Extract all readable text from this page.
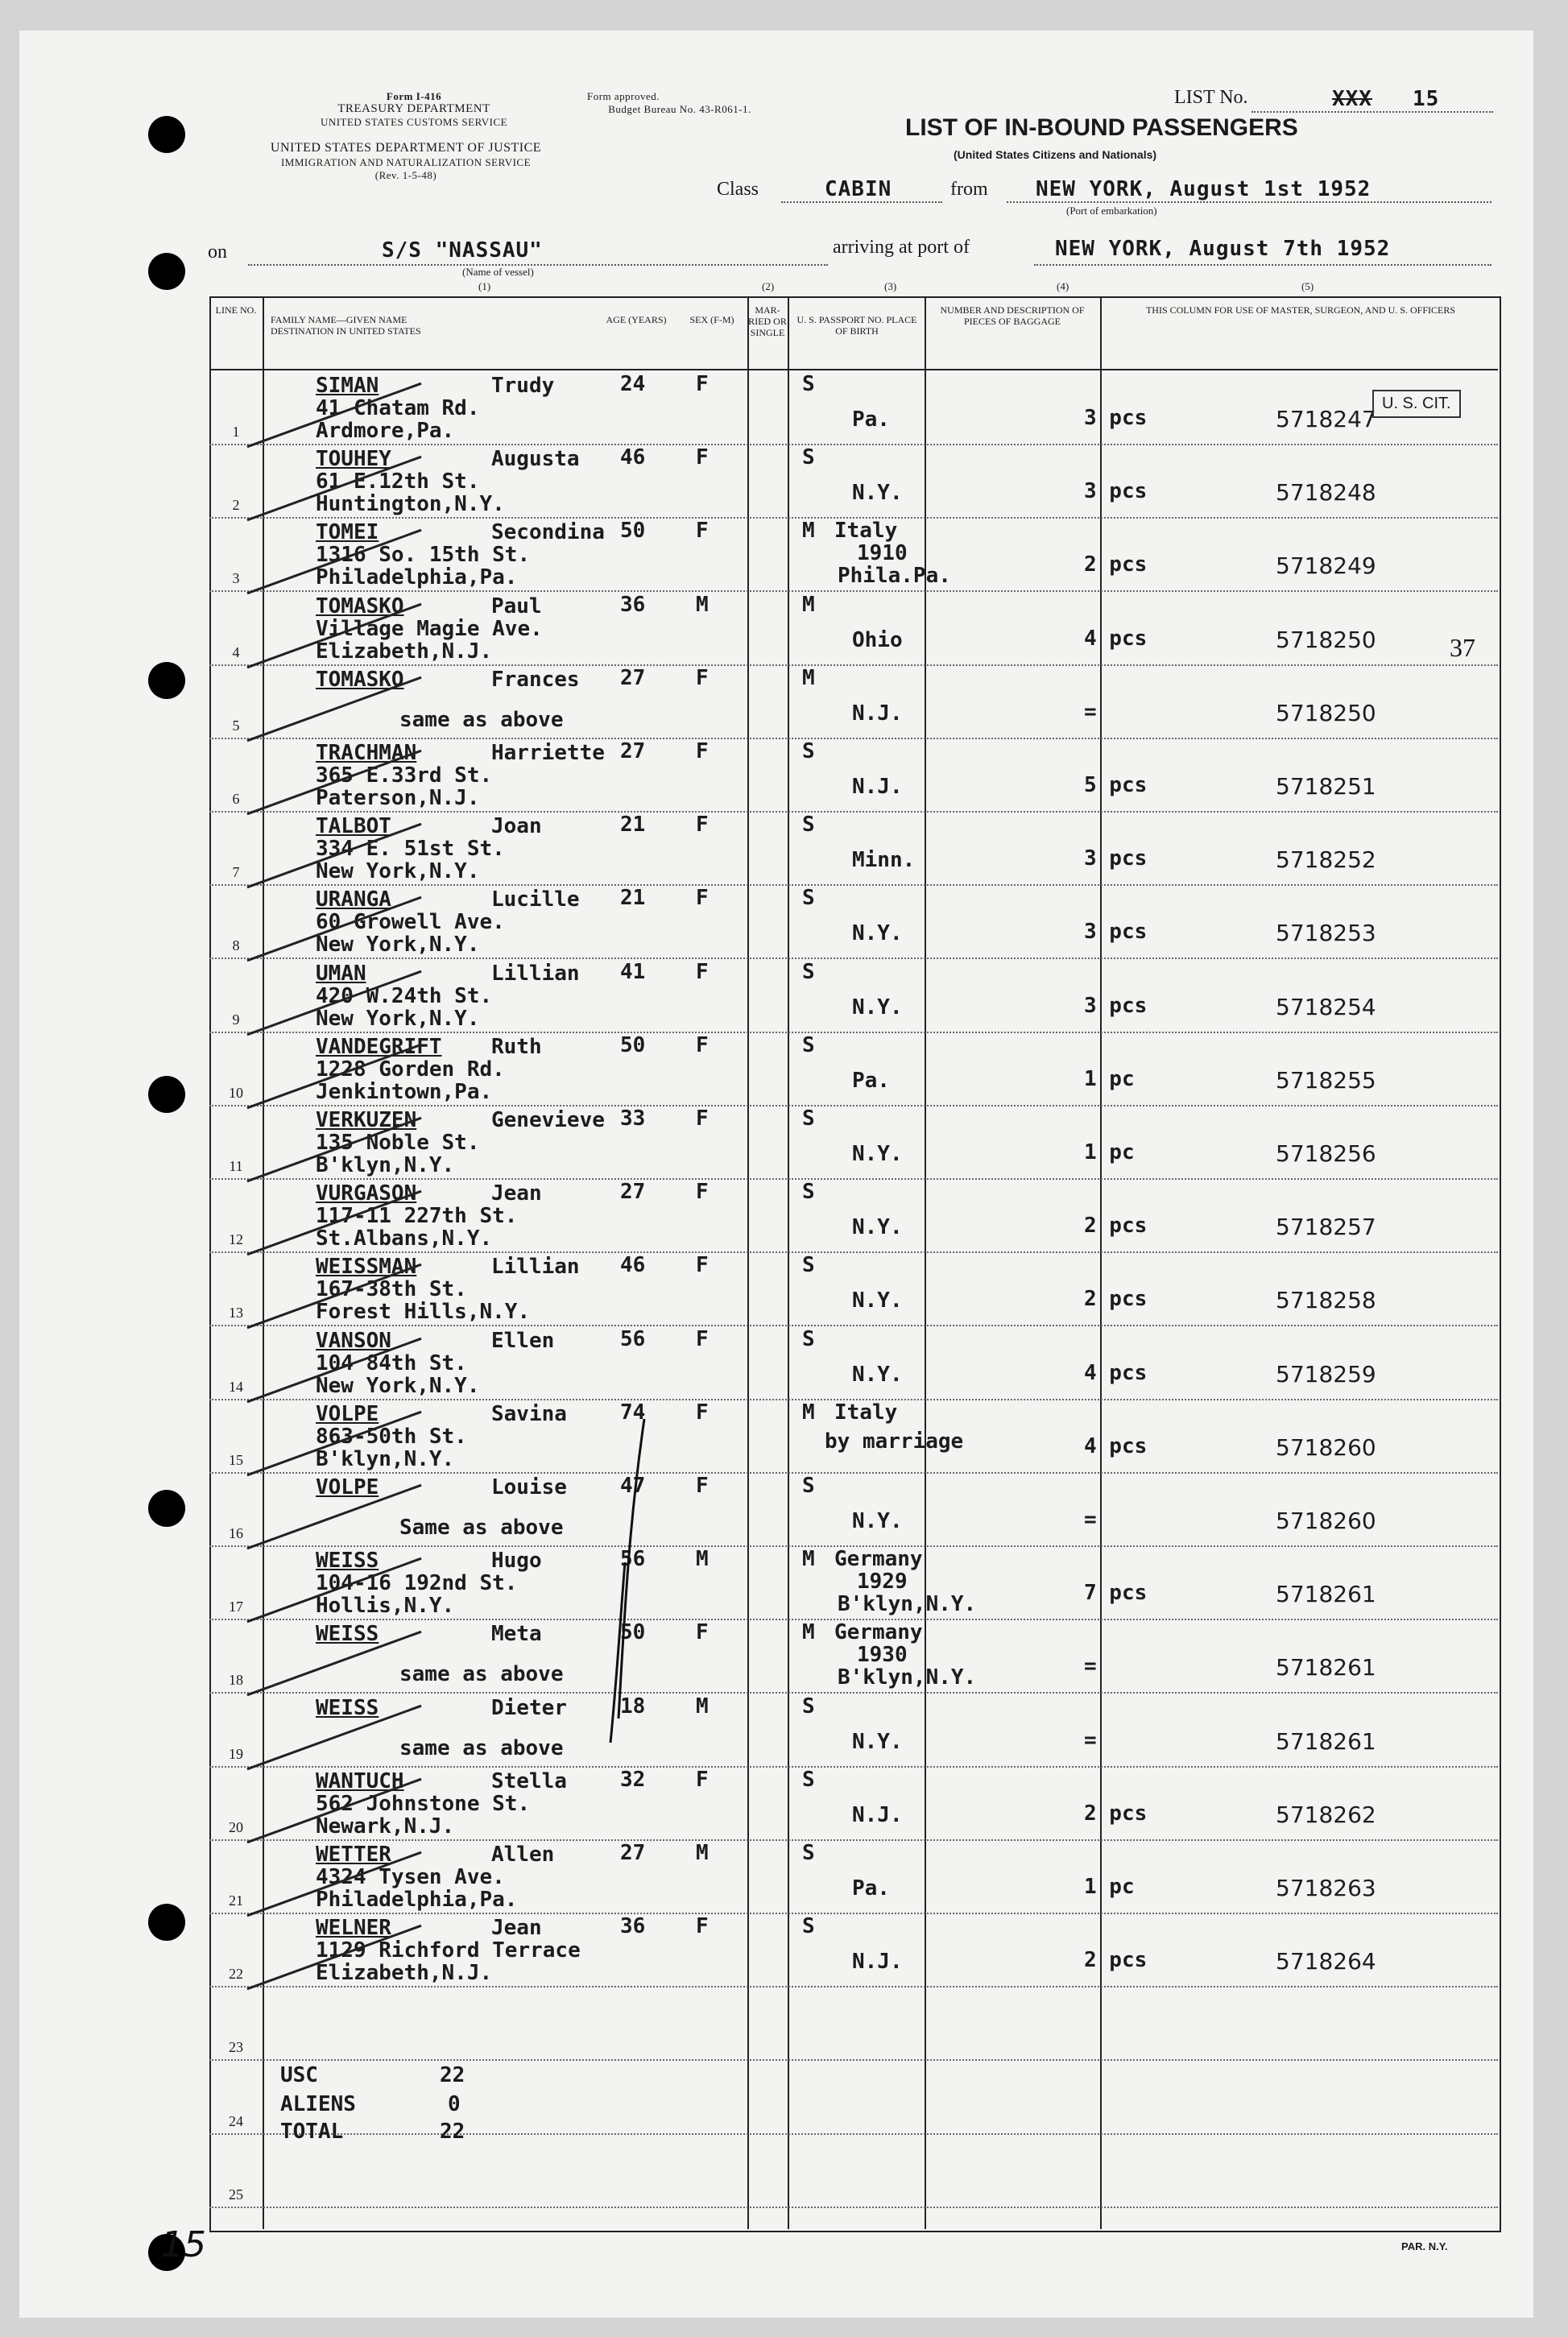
Form I-416
TREASURY DEPARTMENT
UNITED STATES CUSTOMS SERVICE
Form approved.
Budget Bureau No. 43-R061-1.
UNITED STATES DEPARTMENT OF JUSTICE
IMMIGRATION AND NATURALIZATION SERVICE
(Rev. 1-5-48)
LIST No.	XXX 15
LIST OF IN-BOUND PASSENGERS
(United States Citizens and Nationals)
Class	CABIN	from NEW YORK, August 1st 1952
(Port of embarkation)
on	S/S "NASSAU"
(Name of vessel)
arriving at port of	NEW YORK, August 7th 1952
(1)	(2)	(3)	(4)	(5)
LINE NO.
FAMILY NAME—GIVEN NAME DESTINATION IN UNITED STATES
AGE (YEARS)	SEX (F-M)
MAR-RIED OR SINGLE
U. S. PASSPORT NO. PLACE OF BIRTH
NUMBER AND DESCRIPTION OF PIECES OF BAGGAGE
THIS COLUMN FOR USE OF MASTER, SURGEON, AND U. S. OFFICERS
1
SIMAN	Trudy
41 Chatam Rd.
Ardmore,Pa.
24 F	S
Pa.	3 pcs	5718247
2
TOUHEY	Augusta
61 E.12th St.
Huntington,N.Y.
46 F	S
N.Y.	3 pcs	5718248
3
TOMEI	Secondina
1316 So. 15th St.
Philadelphia,Pa.
50 F	M Italy
1910
Phila.Pa.	2 pcs	5718249
4
TOMASKO	Paul
Village Magie Ave.
Elizabeth,N.J.
36 M	M
Ohio	4 pcs	5718250
5
TOMASKO	Frances
same as above
27 F	M
N.J.	=	5718250
6
TRACHMAN	Harriette
365 E.33rd St.
Paterson,N.J.
27 F	S
N.J.	5 pcs	5718251
7
TALBOT	Joan
334 E. 51st St.
New York,N.Y.
21 F	S
Minn.	3 pcs	5718252
8
URANGA	Lucille
60 Growell Ave.
New York,N.Y.
21 F	S
N.Y.	3 pcs	5718253
9
UMAN	Lillian
420 W.24th St.
New York,N.Y.
41 F	S
N.Y.	3 pcs	5718254
10
VANDEGRIFT Ruth
1228 Gorden Rd.
Jenkintown,Pa.
50 F	S
Pa.	1 pc	5718255
11
VERKUZEN	Genevieve
135 Noble St.
B'klyn,N.Y.
33 F	S
N.Y.	1 pc	5718256
12
VURGASON	Jean
117-11 227th St.
St.Albans,N.Y.
27 F	S
N.Y.	2 pcs	5718257
13
WEISSMAN	Lillian
167-38th St.
Forest Hills,N.Y.
46 F	S
N.Y.	2 pcs	5718258
14
VANSON	Ellen
104 84th St.
New York,N.Y.
56 F	S
N.Y.	4 pcs	5718259
15
VOLPE	Savina
863-50th St.
B'klyn,N.Y.
74 F	M Italy
by marriage	4 pcs	5718260
16
VOLPE	Louise
Same as above
47 F	S
N.Y.	=	5718260
17
WEISS	Hugo
104-16 192nd St.
Hollis,N.Y.
56 M	M Germany
1929
B'klyn,N.Y.	7 pcs	5718261
18
WEISS	Meta
same as above
50 F	M Germany
1930
B'klyn,N.Y.	=	5718261
19
WEISS	Dieter
same as above
18 M	S
N.Y.	=	5718261
20
WANTUCH	Stella
562 Johnstone St.
Newark,N.J.
32 F	S
N.J.	2 pcs	5718262
21
WETTER	Allen
4324 Tysen Ave.
Philadelphia,Pa.
27 M	S
Pa.	1 pc	5718263
22
WELNER	Jean
1129 Richford Terrace
Elizabeth,N.J.
36 F	S
N.J.	2 pcs	5718264
23
24
25
U. S. CIT.
37
USC	22
ALIENS	0
TOTAL	22
15	PAR. N.Y.
